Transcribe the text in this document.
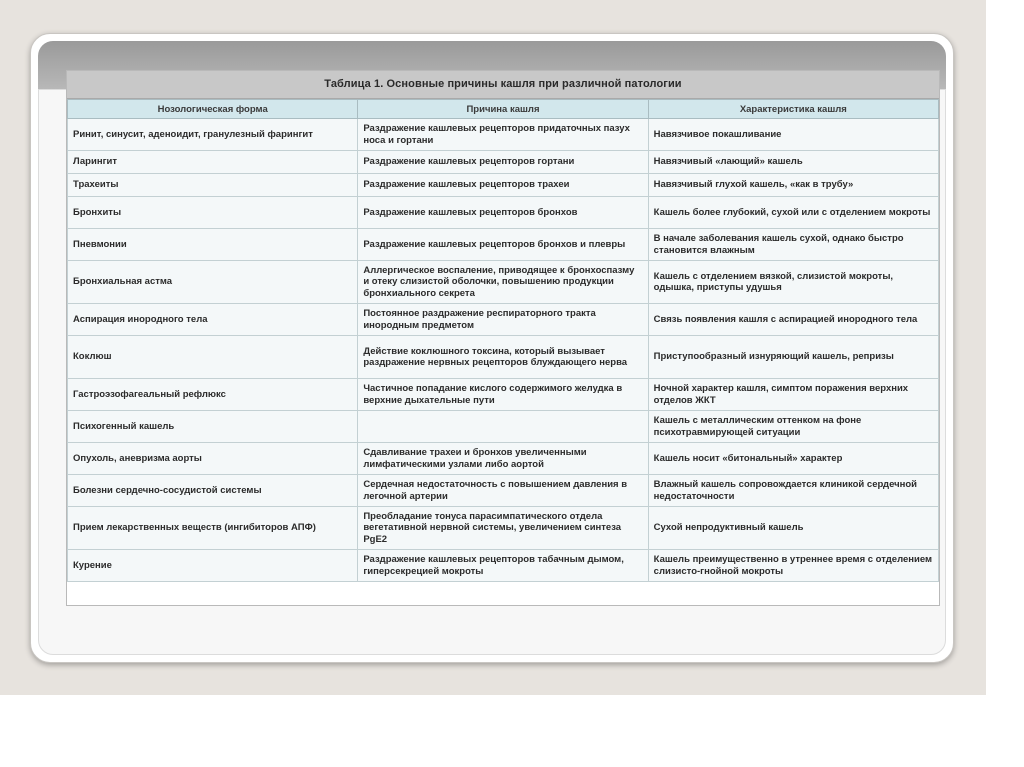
Таблица 1. Основные причины кашля при различной патологии
Нозологическая форма	Причина кашля	Характеристика кашля
Ринит, синусит, аденоидит, гранулезный фарингит	Раздражение кашлевых рецепторов придаточных пазух носа и гортани	Навязчивое покашливание
Ларингит	Раздражение кашлевых рецепторов гортани	Навязчивый «лающий» кашель
Трахеиты	Раздражение кашлевых рецепторов трахеи	Навязчивый глухой кашель, «как в трубу»
Бронхиты	Раздражение кашлевых рецепторов бронхов	Кашель более глубокий, сухой или с отделением мокроты
Пневмонии	Раздражение кашлевых рецепторов бронхов и плевры	В начале заболевания кашель сухой, однако быстро становится влажным
Бронхиальная астма	Аллергическое воспаление, приводящее к бронхоспазму и отеку слизистой оболочки, повышению продукции бронхиального секрета	Кашель с отделением вязкой, слизистой мокроты, одышка, приступы удушья
Аспирация инородного тела	Постоянное раздражение респираторного тракта инородным предметом	Связь появления кашля с аспирацией инородного тела
Коклюш	Действие коклюшного токсина, который вызывает раздражение нервных рецепторов блуждающего нерва	Приступообразный изнуряющий кашель, репризы
Гастроэзофагеальный рефлюкс	Частичное попадание кислого содержимого желудка в верхние дыхательные пути	Ночной характер кашля, симптом поражения верхних отделов ЖКТ
Психогенный кашель		Кашель с металлическим оттенком на фоне психотравмирующей ситуации
Опухоль, аневризма аорты	Сдавливание трахеи и бронхов увеличенными лимфатическими узлами либо аортой	Кашель носит «битональный» характер
Болезни сердечно-сосудистой системы	Сердечная недостаточность с повышением давления в легочной артерии	Влажный кашель сопровождается клиникой сердечной недостаточности
Прием лекарственных веществ (ингибиторов АПФ)	Преобладание тонуса парасимпатического отдела вегетативной нервной системы, увеличением синтеза PgE2	Сухой непродуктивный кашель
Курение	Раздражение кашлевых рецепторов табачным дымом, гиперсекрецией мокроты	Кашель преимущественно в утреннее время с отделением слизисто-гнойной мокроты
